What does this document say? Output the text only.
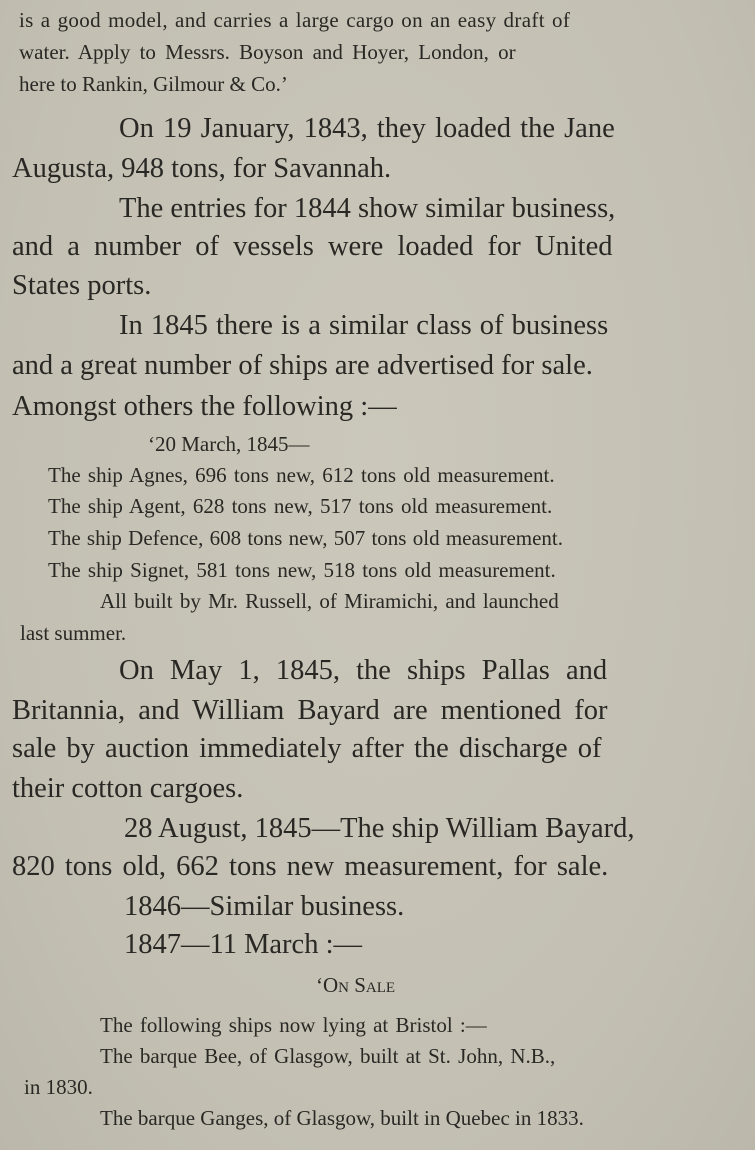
is a good model, and carries a large cargo on an easy draft of
water. Apply to Messrs. Boyson and Hoyer, London, or
here to Rankin, Gilmour & Co.’
On 19 January, 1843, they loaded the Jane
Augusta, 948 tons, for Savannah.
The entries for 1844 show similar business,
and a number of vessels were loaded for United
States ports.
In 1845 there is a similar class of business
and a great number of ships are advertised for sale.
Amongst others the following :—
‘20 March, 1845—
The ship Agnes, 696 tons new, 612 tons old measurement.
The ship Agent, 628 tons new, 517 tons old measurement.
The ship Defence, 608 tons new, 507 tons old measurement.
The ship Signet, 581 tons new, 518 tons old measurement.
All built by Mr. Russell, of Miramichi, and launched
last summer.
On May 1, 1845, the ships Pallas and
Britannia, and William Bayard are mentioned for
sale by auction immediately after the discharge of
their cotton cargoes.
28 August, 1845—The ship William Bayard,
820 tons old, 662 tons new measurement, for sale.
1846—Similar business.
1847—11 March :—
‘On Sale
The following ships now lying at Bristol :—
The barque Bee, of Glasgow, built at St. John, N.B.,
in 1830.
The barque Ganges, of Glasgow, built in Quebec in 1833.
